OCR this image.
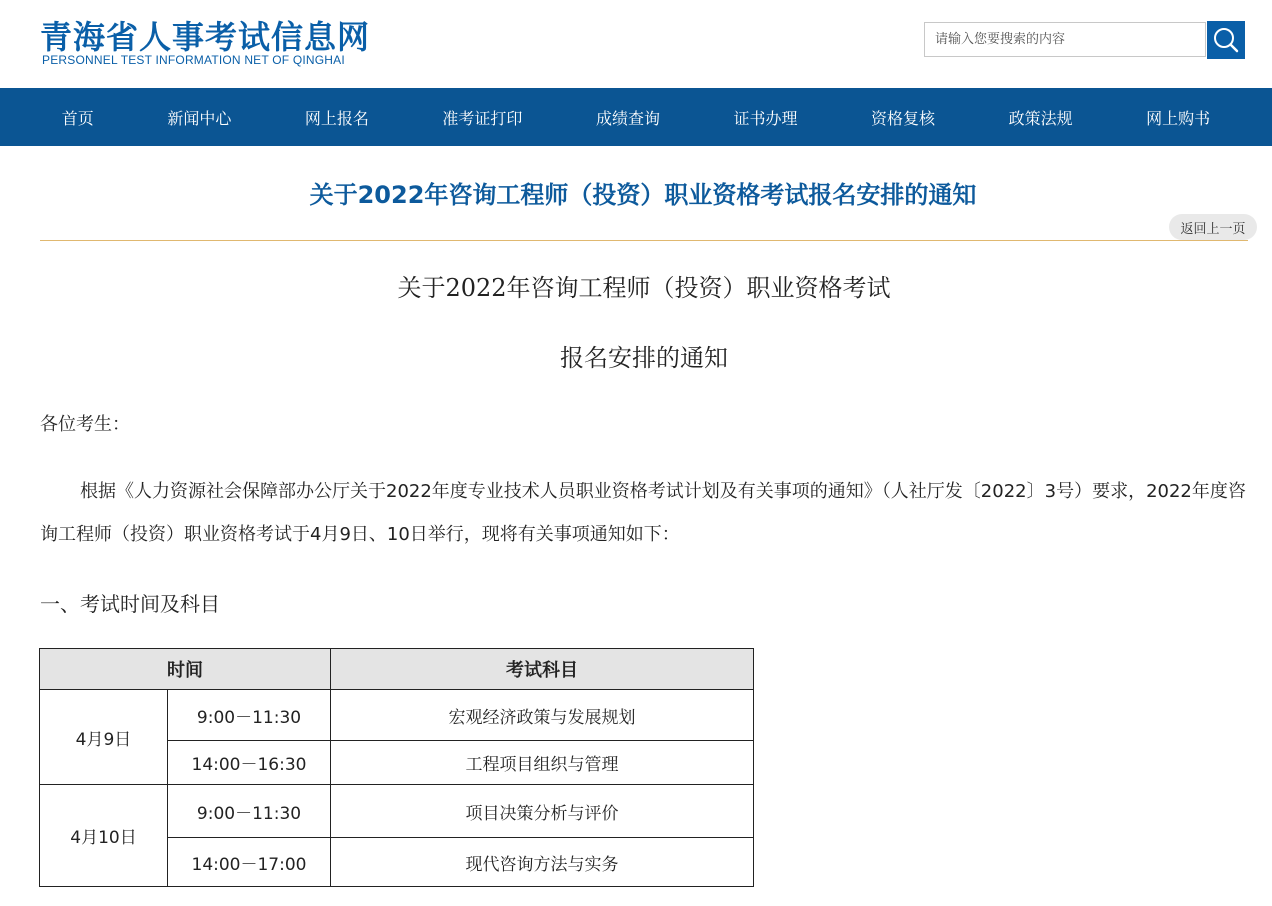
青海省人事考试信息网
PERSONNEL TEST INFORMATION NET OF QINGHAI
请输入您要搜索的内容
首页	新闻中心	网上报名	准考证打印	成绩查询	证书办理	资格复核	政策法规	网上购书
关于2022年咨询工程师（投资）职业资格考试报名安排的通知
返回上一页
关于2022年咨询工程师（投资）职业资格考试
报名安排的通知
各位考生：
根据《人力资源社会保障部办公厅关于2022年度专业技术人员职业资格考试计划及有关事项的通知》（人社厅发〔2022〕3号）要求，2022年度咨询工程师（投资）职业资格考试于4月9日、10日举行，现将有关事项通知如下：
一、考试时间及科目
时间		考试科目
4月9日	9:00－11:30	宏观经济政策与发展规划
	14:00－16:30	工程项目组织与管理
4月10日	9:00－11:30	项目决策分析与评价
	14:00－17:00	现代咨询方法与实务
